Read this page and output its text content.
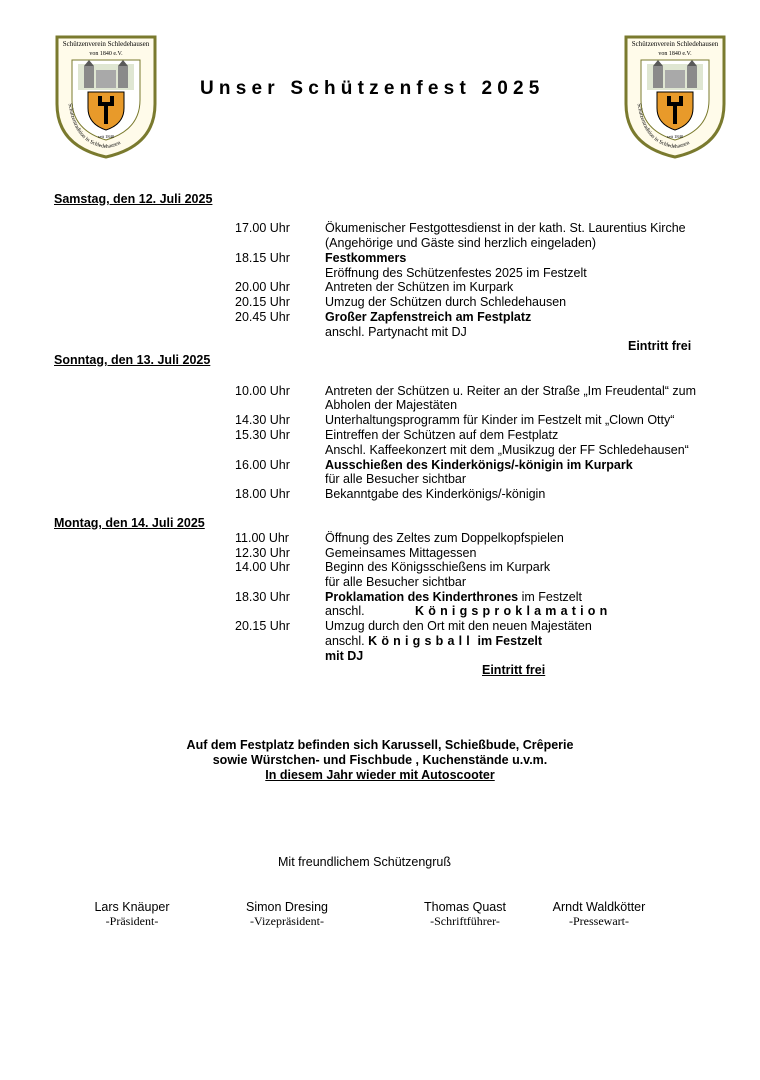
Schützenverein Schledehausen
von 1840 e.V.
Schützentradition in Schledehausen
seit 1840
Schützenverein Schledehausen
von 1840 e.V.
Schützentradition in Schledehausen
seit 1840
Unser Schützenfest 2025
Samstag, den 12. Juli 2025
17.00 Uhr	Ökumenischer Festgottesdienst in der kath. St. Laurentius Kirche
(Angehörige und Gäste sind herzlich eingeladen)
18.15 Uhr	Festkommers
Eröffnung des Schützenfestes 2025 im Festzelt
20.00 Uhr	Antreten der Schützen im Kurpark
20.15 Uhr	Umzug der Schützen durch Schledehausen
20.45 Uhr	Großer Zapfenstreich am Festplatz
anschl. Partynacht mit DJ
Eintritt frei
Sonntag, den 13. Juli 2025
10.00 Uhr	Antreten der Schützen u. Reiter an der Straße „Im Freudental“ zum
Abholen der Majestäten
14.30 Uhr	Unterhaltungsprogramm für Kinder im Festzelt mit „Clown Otty“
15.30 Uhr	Eintreffen der Schützen auf dem Festplatz
Anschl. Kaffeekonzert mit dem „Musikzug der FF Schledehausen“
16.00 Uhr	Ausschießen des Kinderkönigs/-königin im Kurpark
für alle Besucher sichtbar
18.00 Uhr	Bekanntgabe des Kinderkönigs/-königin
Montag, den 14. Juli 2025
11.00 Uhr	Öffnung des Zeltes zum Doppelkopfspielen
12.30 Uhr	Gemeinsames Mittagessen
14.00 Uhr	Beginn des Königsschießens im Kurpark
für alle Besucher sichtbar
18.30 Uhr	Proklamation des Kinderthrones im Festzelt
anschl.	Königsproklamation
20.15 Uhr	Umzug durch den Ort mit den neuen Majestäten
anschl. Königsball im Festzelt
mit DJ
Eintritt frei
Auf dem Festplatz befinden sich Karussell, Schießbude, Crêperie
sowie Würstchen- und Fischbude , Kuchenstände u.v.m.
In diesem Jahr wieder mit Autoscooter
Mit freundlichem Schützengruß
Lars Knäuper
-Präsident-
Simon Dresing
-Vizepräsident-
Thomas Quast
-Schriftführer-
Arndt Waldkötter
-Pressewart-
